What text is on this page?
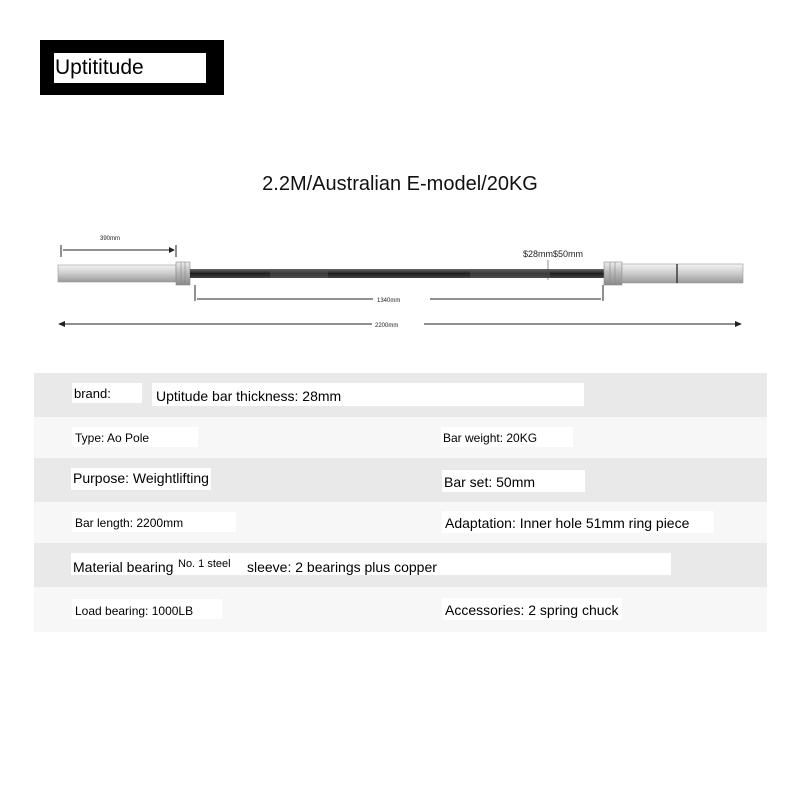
Uptititude
2.2M/Australian E-model/20KG
390mm
$28mm$50mm
1340mm
2200mm
brand:	Uptitude bar thickness: 28mm
Type: Ao Pole	Bar weight: 20KG
Purpose: Weightlifting	Bar set: 50mm
Bar length: 2200mm	Adaptation: Inner hole 51mm ring piece
Material bearing No. 1 steel sleeve: 2 bearings plus copper
Load bearing: 1000LB	Accessories: 2 spring chuck
